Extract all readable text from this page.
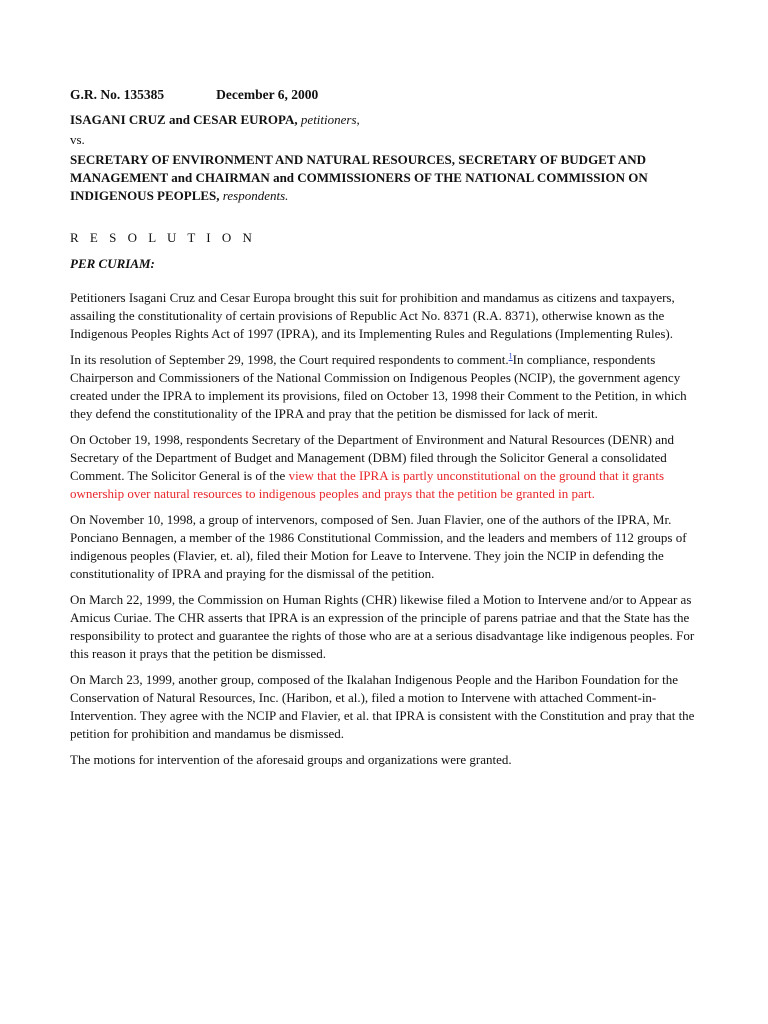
G.R. No. 135385	December 6, 2000
ISAGANI CRUZ and CESAR EUROPA, petitioners,
vs.
SECRETARY OF ENVIRONMENT AND NATURAL RESOURCES, SECRETARY OF BUDGET AND MANAGEMENT and CHAIRMAN and COMMISSIONERS OF THE NATIONAL COMMISSION ON INDIGENOUS PEOPLES, respondents.
R E S O L U T I O N
PER CURIAM:

Petitioners Isagani Cruz and Cesar Europa brought this suit for prohibition and mandamus as citizens and taxpayers, assailing the constitutionality of certain provisions of Republic Act No. 8371 (R.A. 8371), otherwise known as the Indigenous Peoples Rights Act of 1997 (IPRA), and its Implementing Rules and Regulations (Implementing Rules).

In its resolution of September 29, 1998, the Court required respondents to comment.$^1$In compliance, respondents Chairperson and Commissioners of the National Commission on Indigenous Peoples (NCIP), the government agency created under the IPRA to implement its provisions, filed on October 13, 1998 their Comment to the Petition, in which they defend the constitutionality of the IPRA and pray that the petition be dismissed for lack of merit.

On October 19, 1998, respondents Secretary of the Department of Environment and Natural Resources (DENR) and Secretary of the Department of Budget and Management (DBM) filed through the Solicitor General a consolidated Comment. The Solicitor General is of the view that the IPRA is partly unconstitutional on the ground that it grants ownership over natural resources to indigenous peoples and prays that the petition be granted in part.

On November 10, 1998, a group of intervenors, composed of Sen. Juan Flavier, one of the authors of the IPRA, Mr. Ponciano Bennagen, a member of the 1986 Constitutional Commission, and the leaders and members of 112 groups of indigenous peoples (Flavier, et. al), filed their Motion for Leave to Intervene. They join the NCIP in defending the constitutionality of IPRA and praying for the dismissal of the petition.

On March 22, 1999, the Commission on Human Rights (CHR) likewise filed a Motion to Intervene and/or to Appear as Amicus Curiae. The CHR asserts that IPRA is an expression of the principle of parens patriae and that the State has the responsibility to protect and guarantee the rights of those who are at a serious disadvantage like indigenous peoples. For this reason it prays that the petition be dismissed.

On March 23, 1999, another group, composed of the Ikalahan Indigenous People and the Haribon Foundation for the Conservation of Natural Resources, Inc. (Haribon, et al.), filed a motion to Intervene with attached Comment-in-Intervention. They agree with the NCIP and Flavier, et al. that IPRA is consistent with the Constitution and pray that the petition for prohibition and mandamus be dismissed.

The motions for intervention of the aforesaid groups and organizations were granted.
